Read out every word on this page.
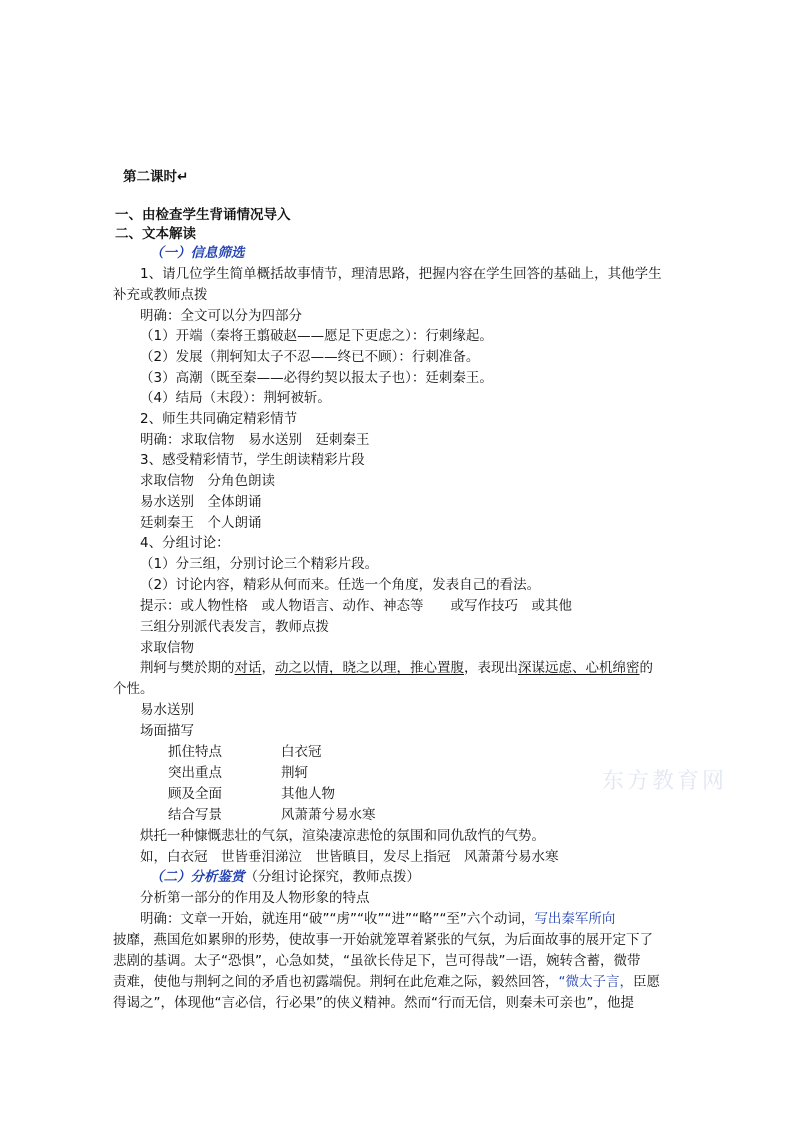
第二课时↵
一、由检查学生背诵情况导入
二、文本解读
（一）信息筛选
1、请几位学生简单概括故事情节，理清思路，把握内容在学生回答的基础上，其他学生
补充或教师点拨
明确：全文可以分为四部分
（1）开端（秦将王翦破赵——愿足下更虑之）：行刺缘起。
（2）发展（荆轲知太子不忍——终已不顾）：行刺准备。
（3）高潮（既至秦——必得约契以报太子也）：廷刺秦王。
（4）结局（末段）：荆轲被斩。
2、师生共同确定精彩情节
明确：求取信物　易水送别　廷刺秦王
3、感受精彩情节，学生朗读精彩片段
求取信物　分角色朗读
易水送别　全体朗诵
廷刺秦王　个人朗诵
4、分组讨论：
（1）分三组，分别讨论三个精彩片段。
（2）讨论内容，精彩从何而来。任选一个角度，发表自己的看法。
提示：或人物性格　或人物语言、动作、神态等　　或写作技巧　或其他
三组分别派代表发言，教师点拨
求取信物
荆轲与樊於期的对话，动之以情，晓之以理，推心置腹，表现出深谋远虑、心机绵密的
个性。
易水送别
场面描写
抓住特点	白衣冠
突出重点	荆轲
顾及全面	其他人物
结合写景	风萧萧兮易水寒
东方教育网
烘托一种慷慨悲壮的气氛，渲染凄凉悲怆的氛围和同仇敌忾的气势。
如，白衣冠　世皆垂泪涕泣　世皆瞋目，发尽上指冠　风萧萧兮易水寒
（二）分析鉴赏（分组讨论探究，教师点拨）
分析第一部分的作用及人物形象的特点
明确：文章一开始，就连用“破”“虏”“收”“进”“略”“至”六个动词，写出秦军所向
披靡，燕国危如累卵的形势，使故事一开始就笼罩着紧张的气氛，为后面故事的展开定下了
悲剧的基调。太子“恐惧”，心急如焚，“虽欲长侍足下，岂可得哉”一语，婉转含蓄，微带
责难，使他与荆轲之间的矛盾也初露端倪。荆轲在此危难之际，毅然回答，“微太子言，臣愿
得谒之”，体现他“言必信，行必果”的侠义精神。然而“行而无信，则秦未可亲也”，他提
